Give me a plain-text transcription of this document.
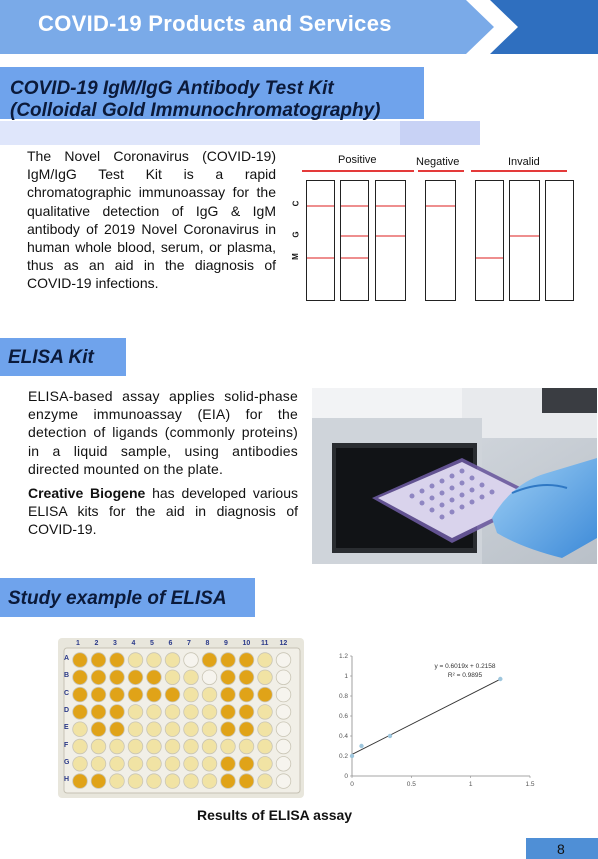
COVID-19 Products and Services
COVID-19 IgM/IgG Antibody Test Kit
(Colloidal Gold Immunochromatography)
The Novel Coronavirus (COVID-19) IgM/IgG Test Kit is a rapid chromatographic immunoassay for the qualitative detection of IgG & IgM antibody of 2019 Novel Coronavirus in human whole blood, serum, or plasma, thus as an aid in the diagnosis of COVID-19 infections.
Positive	Negative	Invalid
C
G
M
ELISA Kit

ELISA-based assay applies solid-phase enzyme immunoassay (EIA) for the detection of ligands (commonly proteins) in a liquid sample, using antibodies directed mounted on the plate.

Creative Biogene has developed various ELISA kits for the aid in diagnosis of COVID-19.

Study example of ELISA
1 2 3 4 5 6 7 8 9 10 11 12
A
B
C
D
E
F
G
H	0
0.2
0.4
0.6
0.8
1
1.2
0	0.5	1	1.5
y = 0.6019x + 0.2158
R² = 0.9895
Results of ELISA assay
8
